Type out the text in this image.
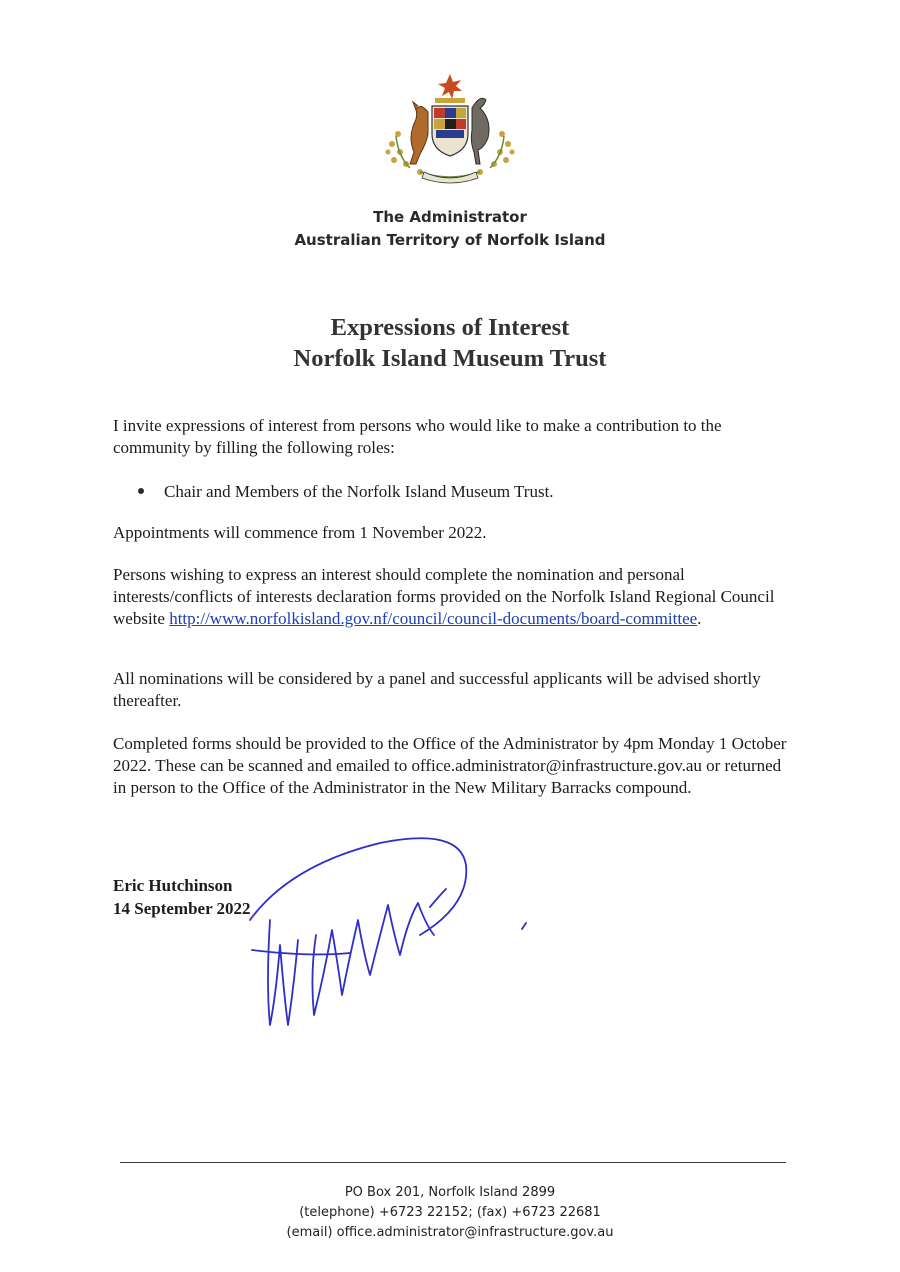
The Administrator
Australian Territory of Norfolk Island
Expressions of Interest
Norfolk Island Museum Trust

I invite expressions of interest from persons who would like to make a contribution to the community by filling the following roles:

Chair and Members of the Norfolk Island Museum Trust.

Appointments will commence from 1 November 2022.

Persons wishing to express an interest should complete the nomination and personal interests/conflicts of interests declaration forms provided on the Norfolk Island Regional Council website http://www.norfolkisland.gov.nf/council/council-documents/board-committee.

All nominations will be considered by a panel and successful applicants will be advised shortly thereafter.

Completed forms should be provided to the Office of the Administrator by 4pm Monday 1 October 2022. These can be scanned and emailed to office.administrator@infrastructure.gov.au or returned in person to the Office of the Administrator in the New Military Barracks compound.

Eric Hutchinson
14 September 2022
PO Box 201, Norfolk Island 2899
(telephone) +6723 22152; (fax) +6723 22681
(email) office.administrator@infrastructure.gov.au
